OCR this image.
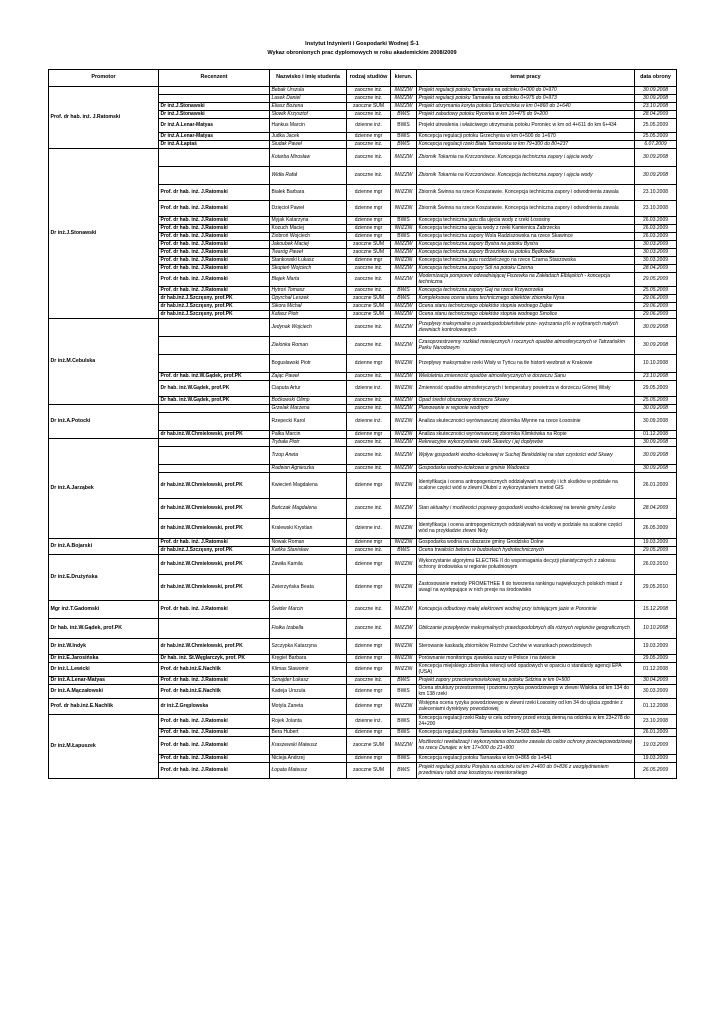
Instytut Inżynierii i Gospodarki Wodnej Ś-1
Wykaz obronionych prac dyplomowych w roku akademickim 2008/2009
Promotor	Recenzent	Nazwisko i imię studenta	rodzaj studiów	kierun.	temat pracy	data obrony
Prof. dr hab. inż. J.Ratomski		Bebak Urszula	zaoczne inż.	IWiZZW	Projekt regulacji potoku Tarnawka na odcinku 0+000 do 0+970	30.09.2008
		Lasek Daniel	zaoczne inż.	IWiZZW	Projekt regulacji potoku Tarnawka na odcinku 0+975 do 0+973	30.09.2008
	Dr inż.J.Stonawski	Eliasz Bożena	zaoczne SUM	IWiZZW	Projekt utrzymania koryta potoku Dziechcinka w km 0+860 do 1+640	23.10.2008
	Dr inż.J.Stonawski	Słowik Krzysztof	zaoczne inż.	BWiS	Projekt zabudowy potoku Rycerka w km 10+475 do 9+200	28.04.2009
	Dr inż.A.Lenar-Matyas	Hankus Marcin	dzienne inż.	BWiS	Projekt utrwalenia i właściwego utrzymania potoku Poroniec w km od 4+611 do km 6+434	25.05.2009
	Dr inż.A.Lenar-Matyas	Judka Jacek	dzienne mgr	BWiS	Koncepcja regulacji potoku Grzechynia w km 0+500 do 1+670	25.05.2009
	Dr inż.A.Łaptaś	Siudak Paweł	zaoczne inż.	BWiS	Koncepcja regulacji rzeki Biała Tarnowska w km 79+300 do 80+237	6.07.2009
Dr inż.J.Stonawski		Kotarba Mirosław	zaoczne inż.	IWiZZW	Zbiornik Tokarnia na Krzczonówce. Koncepcja techniczna zapory i ujęcia wody	30.09.2008
		Widła Rafał	zaoczne inż.	IWiZZW	Zbiornik Tokarnia na Krzczonówce. Koncepcja techniczna zapory i ujęcia wody	30.09.2008
	Prof. dr hab. inż. J.Ratomski	Białek Barbara	dzienne mgr	IWiZZW	Zbiornik Świnna na rzece Koszarawie. Koncepcja techniczna zapory i odwodnienia zawala	23.10.2008
	Prof. dr hab. inż. J.Ratomski	Dzięcioł Paweł	dzienne mgr	IWiZZW	Zbiornik Świnna na rzece Koszarawie. Koncepcja techniczna zapory i odwodnienia zawala	23.10.2008
	Prof. dr hab. inż. J.Ratomski	Myjak Katarzyna	dzienne mgr	BWiS	Koncepcja techniczna jazu dla ujęcia wody z rzeki Łososiny	26.03.2009
	Prof. dr hab. inż. J.Ratomski	Kozuch Maciej	dzienne mgr	IWiZZW	Koncepcja techniczna ujęcia wody z rzeki Kamienica Zabrzecka	26.03.2009
	Prof. dr hab. inż. J.Ratomski	Ziobroń Wojciech	dzienne mgr	BWiS	Koncepcja techniczna zapory Wola Radziszowska na rzece Skawince	26.03.2009
	Prof. dr hab. inż. J.Ratomski	Jakoubek Maciej	zaoczne SUM	IWiZZW	Koncepcja techniczna zapory Bystra na potoku Bystra	30.03.2009
	Prof. dr hab. inż. J.Ratomski	Twaróg Paweł	zaoczne SUM	IWiZZW	Koncepcja techniczna zapory Brzezinka na potoku Będkówka	30.03.2009
	Prof. dr hab. inż. J.Ratomski	Stankowski Łukasz	dzienne mgr	IWiZZW	Koncepcja techniczna jazu rozdzielczego na rzece Czarna Staszowska	30.03.2009
	Prof. dr hab. inż. J.Ratomski	Skupień Wojciech	zaoczne inż.	IWiZZW	Koncepcja techniczna zapory Sól na potoku Czerna	28.04.2009
	Prof. dr hab. inż. J.Ratomski	Błajek Marta	zaoczne inż.	IWiZZW	Modernizacja pompowni odwadniającej Fiszewka na Zakładach Elbląskich - koncepcja techniczna	29.05.2009
	Prof. dr hab. inż. J.Ratomski	Hytroś Tomasz	zaoczne inż.	BWiS	Koncepcja techniczna zapory Gaj na rzece Krzyworzeka	25.05.2009
	dr hab.inż.J.Szczęsny, prof.PK	Opyrchał Leszek	zaoczne SUM	BWiS	Kompleksowa ocena stanu technicznego obiektów zbiornika Nysa	29.06.2009
	dr hab.inż.J.Szczęsny, prof.PK	Sikora Michał	zaoczne SUM	IWiZZW	Ocena stanu technicznego obiektów stopnia wodnego Dąbie	29.06.2009
	dr hab.inż.J.Szczęsny, prof.PK	Kafasz Piotr	zaoczne SUM	IWiZZW	Ocena stanu technicznego obiektów stopnia wodnego Smolice	29.06.2009
Dr inż.M.Cebulska		Jedynak Wojciech	zaoczne inż.	IWiZZW	Przepływy maksymalne o prawdopodobieństwie prze- wyższania p% w wybranych małych zlewniach kontrolowanych	30.09.2008
		Zielonka Roman	zaoczne inż.	IWiZZW	Czasoprzestrzenny rozkład miesięcznych i rocznych opadów atmosferycznych w Tatrzańskim Parku Narodowym	30.09.2008
		Bogusławski Piotr	dzienne mgr	IWiZZW	Przepływy maksymalne rzeki Wisły w Tyńcu na tle historii wezbrań w Krakowie	10.10.2008
	Prof. dr hab. inż.W.Gądek, prof.PK	Zając Paweł	zaoczne inż.	IWiZZW	Wieloletnia zmienność opadów atmosferycznych w dorzeczu Sanu	23.10.2008
	Dr hab. inż.W.Gądek, prof.PK	Ciaputa Artur	dzienne inż.	IWiZZW	Zmienność opadów atmosferycznych i temperatury powietrza w dorzeczu Górnej Wisły	29.05.2009
	Dr hab. inż.W.Gądek, prof.PK	Boćkowski Olimp	zaoczne inż.	IWiZZW	Opad średni obszarowy dorzecza Skawy	25.05.2009
Dr inż.A.Potocki		Grzelak Marzena	zaoczne inż.	IWiZZW	Planowanie w regionie wodnym	30.09.2008
		Rzepecki Karol	dzienne inż.	IWiZZW	Analiza skuteczności wyrównawczej zbiornika Młynne na rzece Łososinie	30.09.2008
	dr hab.inż.W.Chmielowski, prof.PK	Pałka Marcin	dzienne mgr	IWiZZW	Analiza skuteczności wyrównawczej zbiornika Klimkówka na Ropie	01.12.2008
Dr inż.A.Jarząbek		Trybała Piotr	zaoczne inż.	IWiZZW	Rekreacyjne wykorzystanie rzeki Skawicy i jej dopływów	30.09.2008
		Trzop Aneta	zaoczne inż.	IWiZZW	Wpływ gospodarki wodno-ściekowej w Suchej Beskidzkiej na stan czystości wód Skawy	30.09.2008
		Radwan Agnieszka	zaoczne inż.	IWiZZW	Gospodarka wodno-ściekowa w gminie Wadowice	30.09.2008
	dr hab.inż.W.Chmielowski, prof.PK	Kwiecień Magdalena	dzienne mgr	IWiZZW	Identyfikacja i ocena antropogenicznych oddziaływań na wody i ich skutków w podziale na scalone części wód w zlewni Dłubni z wykorzystaniem metod GIS	26.01.2009
	dr hab.inż.W.Chmielowski, prof.PK	Bańczak Magdalena	zaoczne inż.	IWiZZW	Stan aktualny i możliwości poprawy gospodarki wodno-ściekowej na terenie gminy Lesko	28.04.2009
	dr hab.inż.W.Chmielowski, prof.PK	Kralewski Krystian	dzienne inż.	IWiZZW	Identyfikacja i ocena antropogenicznych oddziaływań na wody w podziale na scalone części wód na przykładzie zlewni Nidy	26.05.2009
Dr inż.A.Bojarski	Prof. dr hab. inż. J.Ratomski	Nowak Roman	dzienne mgr	IWiZZW	Gospodarka wodna na obszarze gminy Grodzisko Dolne	19.03.2009
	dr hab.inż.J.Szczęsny, prof.PK	Kańka Stanisław	zaoczne inż.	BWiS	Ocena trwałości betonu w budowlach hydrotechnicznych	29.05.2009
Dr inż.E.Drużyńska	dr hab.inż.W.Chmielowski, prof.PK	Zawiła Kamila	dzienne mgr	IWiZZW	Wykorzystanie algorytmu ELECTRE II do wspomagania decyzji planistycznych z zakresu ochrony środowiska w regionie południowym	26.03.2010
	dr hab.inż.W.Chmielowski, prof.PK	Zwierzyńska Beata	dzienne mgr	IWiZZW	Zastosowanie metody PROMETHEE II do tworzenia rankingu największych polskich miast z uwagi na występujące w nich presje na środowisko	29.05.2010
Mgr inż.T.Gadomski	Prof. dr hab. inż. J.Ratomski	Świder Marcin	zaoczne inż.	IWiZZW	Koncepcja odbudowy małej elektrowni wodnej przy istniejącym jazie w Poroninie	15.12.2008
Dr hab. inż.W.Gądek, prof.PK		Fiołka Izabella	zaoczne inż.	IWiZZW	Obliczanie przepływów maksymalnych prawdopodobnych dla różnych regionów geograficznych	10.10.2008
Dr inż.W.Indyk	dr hab.inż.W.Chmielowski, prof.PK	Szczypka Katarzyna	dzienne mgr	IWiZZW	Sterowanie kaskadą zbiorników Rożnów Czchów w warunkach powodziowych	19.03.2009
Dr inż.E.Jarosińska	Dr hab. inż. St.Węglarczyk, prof. PK	Kręgiel Barbara	dzienne mgr	IWiZZW	Porównanie monitoringu zjawiska suszy w Polsce i na świecie	29.05.2009
Dr inż.L.Lewicki	Prof. dr hab.inż.E.Nachlik	Klimas Sławomir	dzienne mgr	IWiZZW	Koncepcja miejskiego zbiornika retencji wód opadowych w oparciu o standardy agencji EPA (USA)	01.12.2008
Dr inż.A.Lenar-Matyas	Prof. dr hab. inż. J.Ratomski	Sznajder Łukasz	zaoczne inż.	BWiS	Projekt zapory przeciwrumowiskowej na potoku Sidzina w km 0+500	30.04.2009
Dr inż.A.Mączałowski	Prof. dr hab.inż.E.Nachlik	Kadeja Urszula	dzienne mgr	BWiS	Ocena struktury przestrzennej i poziomu ryzyka powodziowego w zlewni Wisłoka od km 134 do km 138 rzeki	30.03.2009
Prof. dr hab.inż.E.Nachlik	dr inż.Z.Gręplowska	Motyla Zaneta	dzienne mgr	IWiZZW	Wstępna ocena ryzyka powodziowego w zlewni rzeki Łososiny od km 34 do ujścia zgodnie z zaleceniami dyrektywy powodziowej	01.12.2008
Dr inż.M.Łapuszek	Prof. dr hab. inż. J.Ratomski	Rojek Jolanta	dzienne inż.	BWiS	Koncepcja regulacji rzeki Raby w celu ochrony przed erozją denną na odcinku w km 23+278 do 24+200	23.10.2008
	Prof. dr hab. inż. J.Ratomski	Bera Hubert	dzienne mgr	BWiS	Koncepcja regulacji potoku Tarnawka w km 2+503 do3+485	26.01.2009
	Prof. dr hab. inż. J.Ratomski	Kraszewski Mateusz	zaoczne SUM	IWiZZW	Możliwości rewitalizacji i wykorzystania obszarów zawala do celów ochrony przeciwpowodziowej na rzece Dunajec w km 17+000 do 21+900	19.03.2009
	Prof. dr hab. inż. J.Ratomski	Nicieja Andrzej	dzienne mgr	BWiS	Koncepcja regulacji potoku Tarnawka w km 0+865 do 1+541	19.03.2009
	Prof. dr hab. inż. J.Ratomski	Łopata Mateusz	zaoczne SUM	BWiS	Projekt regulacji potoku Porębia na odcinku od km 2+400 do 0+836 z uwzględnieniem przedmiaru robót oraz kosztorysu inwestorskiego	26.05.2009
